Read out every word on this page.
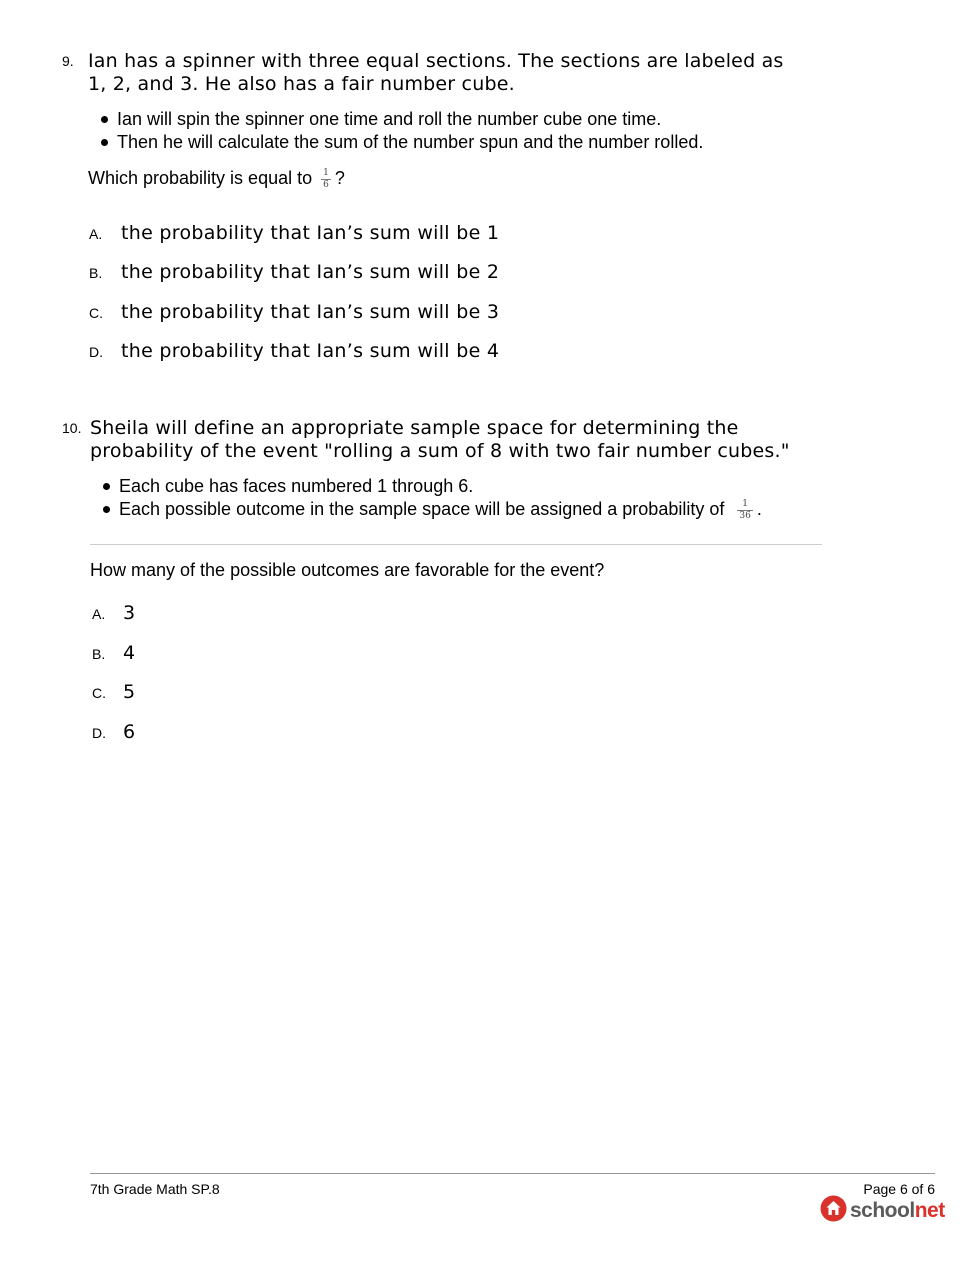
9. Ian has a spinner with three equal sections. The sections are labeled as
1, 2, and 3. He also has a fair number cube.
Ian will spin the spinner one time and roll the number cube one time.
Then he will calculate the sum of the number spun and the number rolled.
Which probability is equal to $\frac{1}{6}$ ?
A. the probability that Ian’s sum will be 1
B. the probability that Ian’s sum will be 2
C. the probability that Ian’s sum will be 3
D. the probability that Ian’s sum will be 4
10. Sheila will define an appropriate sample space for determining the
probability of the event "rolling a sum of 8 with two fair number cubes."
Each cube has faces numbered 1 through 6.
Each possible outcome in the sample space will be assigned a probability of $\frac{1}{36}$ .
How many of the possible outcomes are favorable for the event?
A. 3
B. 4
C. 5
D. 6
7th Grade Math SP.8	Page 6 of 6
schoolnet
